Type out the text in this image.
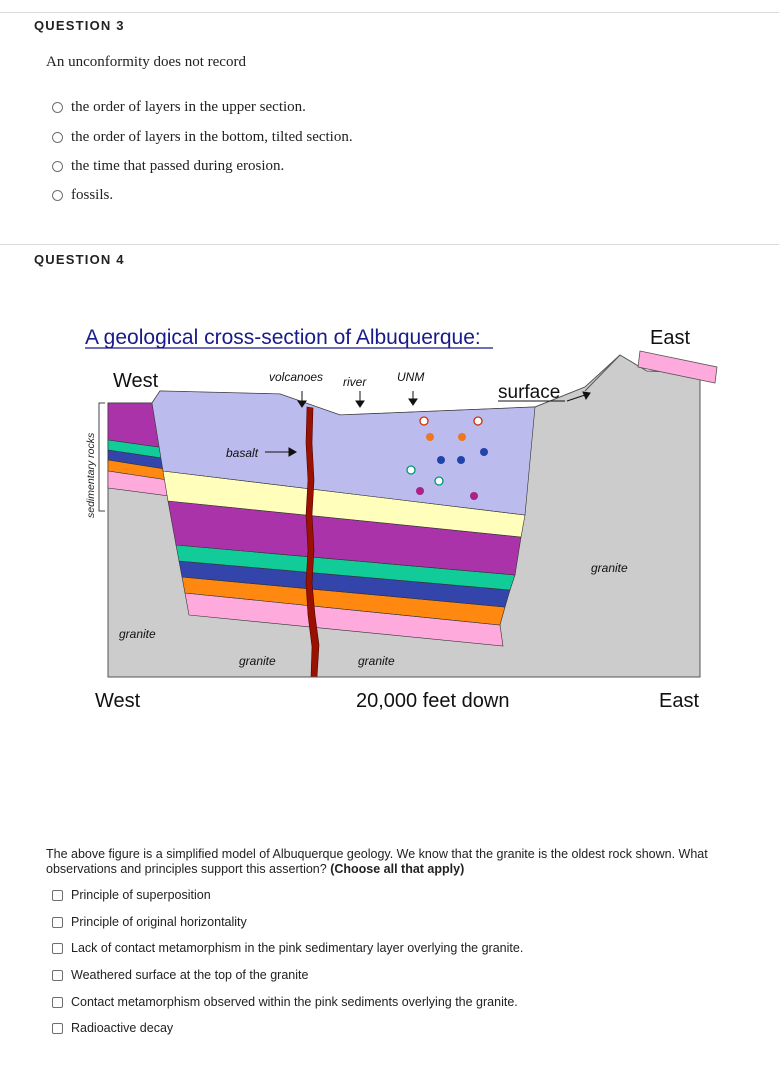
QUESTION 3
An unconformity does not record
the order of layers in the upper section.
the order of layers in the bottom, tilted section.
the time that passed during erosion.
fossils.
QUESTION 4
A geological cross-section of Albuquerque:
sedimentary rocks
West
East
volcanoes river	UNM
surface
basalt
granite
granite	granite
granite
West	20,000 feet down	East
The above figure is a simplified model of Albuquerque geology. We know that the granite is the oldest rock shown. What observations and principles support this assertion? (Choose all that apply)
Principle of superposition
Principle of original horizontality
Lack of contact metamorphism in the pink sedimentary layer overlying the granite.
Weathered surface at the top of the granite
Contact metamorphism observed within the pink sediments overlying the granite.
Radioactive decay
